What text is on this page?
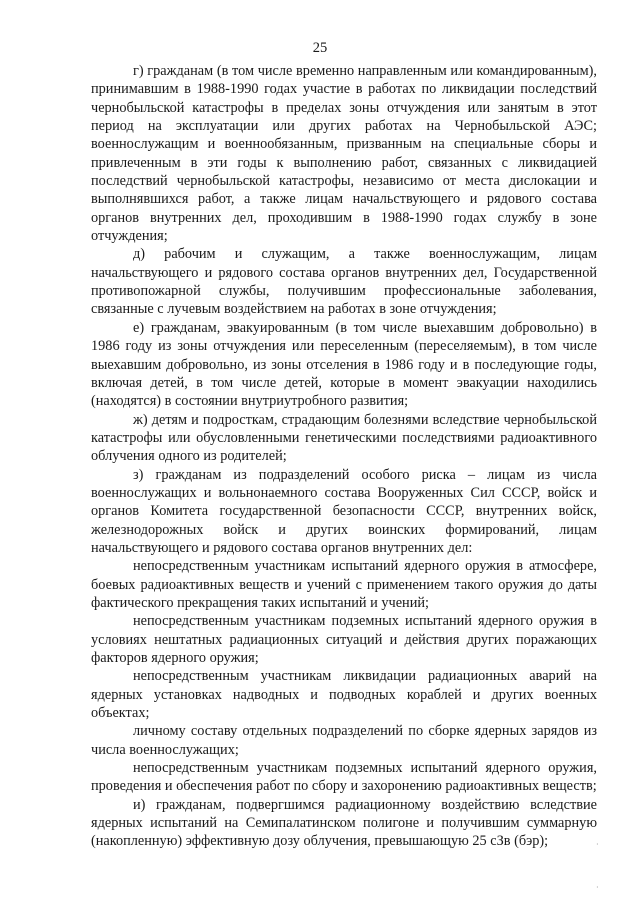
25

г) гражданам (в том числе временно направленным или командированным), принимавшим в 1988-1990 годах участие в работах по ликвидации последствий чернобыльской катастрофы в пределах зоны отчуждения или занятым в этот период на эксплуатации или других работах на Чернобыльской АЭС; военнослужащим и военнообязанным, призванным на специальные сборы и привлеченным в эти годы к выполнению работ, связанных с ликвидацией последствий чернобыльской катастрофы, независимо от места дислокации и выполнявшихся работ, а также лицам начальствующего и рядового состава органов внутренних дел, проходившим в 1988-1990 годах службу в зоне отчуждения;

д) рабочим и служащим, а также военнослужащим, лицам начальствующего и рядового состава органов внутренних дел, Государственной противопожарной службы, получившим профессиональные заболевания, связанные с лучевым воздействием на работах в зоне отчуждения;

е) гражданам, эвакуированным (в том числе выехавшим добровольно) в 1986 году из зоны отчуждения или переселенным (переселяемым), в том числе выехавшим добровольно, из зоны отселения в 1986 году и в последующие годы, включая детей, в том числе детей, которые в момент эвакуации находились (находятся) в состоянии внутриутробного развития;

ж) детям и подросткам, страдающим болезнями вследствие чернобыльской катастрофы или обусловленными генетическими последствиями радиоактивного облучения одного из родителей;

з) гражданам из подразделений особого риска – лицам из числа военнослужащих и вольнонаемного состава Вооруженных Сил СССР, войск и органов Комитета государственной безопасности СССР, внутренних войск, железнодорожных войск и других воинских формирований, лицам начальствующего и рядового состава органов внутренних дел:

непосредственным участникам испытаний ядерного оружия в атмосфере, боевых радиоактивных веществ и учений с применением такого оружия до даты фактического прекращения таких испытаний и учений;

непосредственным участникам подземных испытаний ядерного оружия в условиях нештатных радиационных ситуаций и действия других поражающих факторов ядерного оружия;

непосредственным участникам ликвидации радиационных аварий на ядерных установках надводных и подводных кораблей и других военных объектах;

личному составу отдельных подразделений по сборке ядерных зарядов из числа военнослужащих;

непосредственным участникам подземных испытаний ядерного оружия, проведения и обеспечения работ по сбору и захоронению радиоактивных веществ;

и) гражданам, подвергшимся радиационному воздействию вследствие ядерных испытаний на Семипалатинском полигоне и получившим суммарную (накопленную) эффективную дозу облучения, превышающую 25 сЗв (бэр);	·
·
